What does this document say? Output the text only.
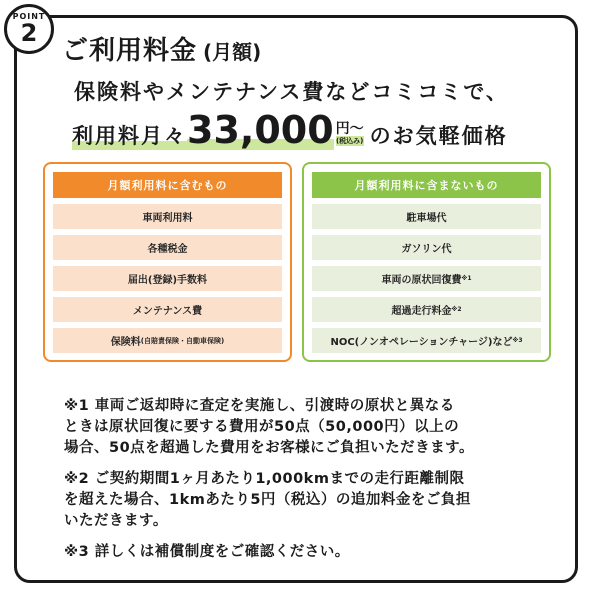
POINT
2
ご利用料金 (月額)
保険料やメンテナンス費などコミコミで、
利用料月々 33,000 円〜
(税込み) のお気軽価格
月額利用料に含むもの
車両利用料
各種税金
届出(登録)手数料
メンテナンス費
保険料 (自賠責保険・自動車保険)
月額利用料に含まないもの
駐車場代
ガソリン代
車両の原状回復費 ※1
超過走行料金 ※2
NOC(ノンオペレーションチャージ)など ※3

※1 車両ご返却時に査定を実施し、引渡時の原状と異なる

ときは原状回復に要する費用が50点（50,000円）以上の

場合、50点を超過した費用をお客様にご負担いただきます。

※2 ご契約期間1ヶ月あたり1,000kmまでの走行距離制限

を超えた場合、1kmあたり5円（税込）の追加料金をご負担

いただきます。

※3 詳しくは補償制度をご確認ください。
